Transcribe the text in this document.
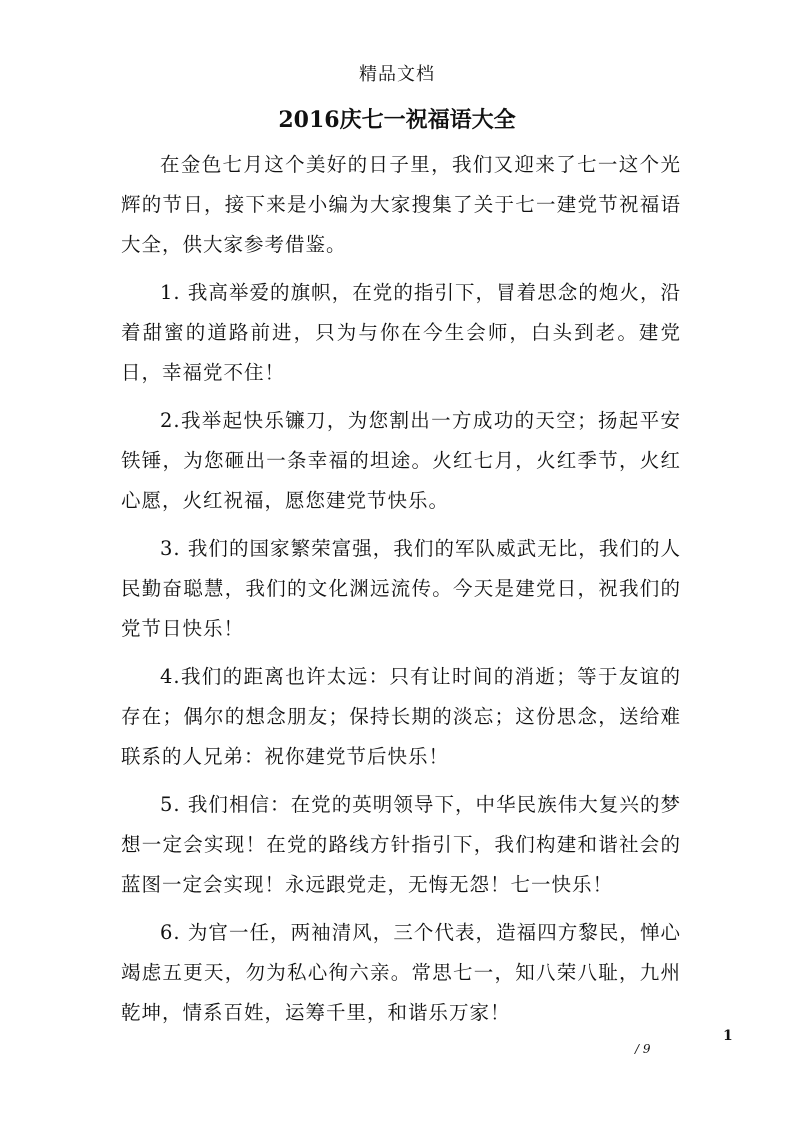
精品文档
2016庆七一祝福语大全

在金色七月这个美好的日子里，我们又迎来了七一这个光辉的节日，接下来是小编为大家搜集了关于七一建党节祝福语大全，供大家参考借鉴。

1. 我高举爱的旗帜，在党的指引下，冒着思念的炮火，沿着甜蜜的道路前进，只为与你在今生会师，白头到老。建党日，幸福党不住！

2.我举起快乐镰刀，为您割出一方成功的天空；扬起平安铁锤，为您砸出一条幸福的坦途。火红七月，火红季节，火红心愿，火红祝福，愿您建党节快乐。

3. 我们的国家繁荣富强，我们的军队威武无比，我们的人民勤奋聪慧，我们的文化渊远流传。今天是建党日，祝我们的党节日快乐！

4.我们的距离也许太远：只有让时间的消逝；等于友谊的存在；偶尔的想念朋友；保持长期的淡忘；这份思念，送给难联系的人兄弟：祝你建党节后快乐！

5. 我们相信：在党的英明领导下，中华民族伟大复兴的梦想一定会实现！在党的路线方针指引下，我们构建和谐社会的蓝图一定会实现！永远跟党走，无悔无怨！七一快乐！

6. 为官一任，两袖清风，三个代表，造福四方黎民，惮心竭虑五更天，勿为私心徇六亲。常思七一，知八荣八耻，九州乾坤，情系百姓，运筹千里，和谐乐万家！

1
/ 9
